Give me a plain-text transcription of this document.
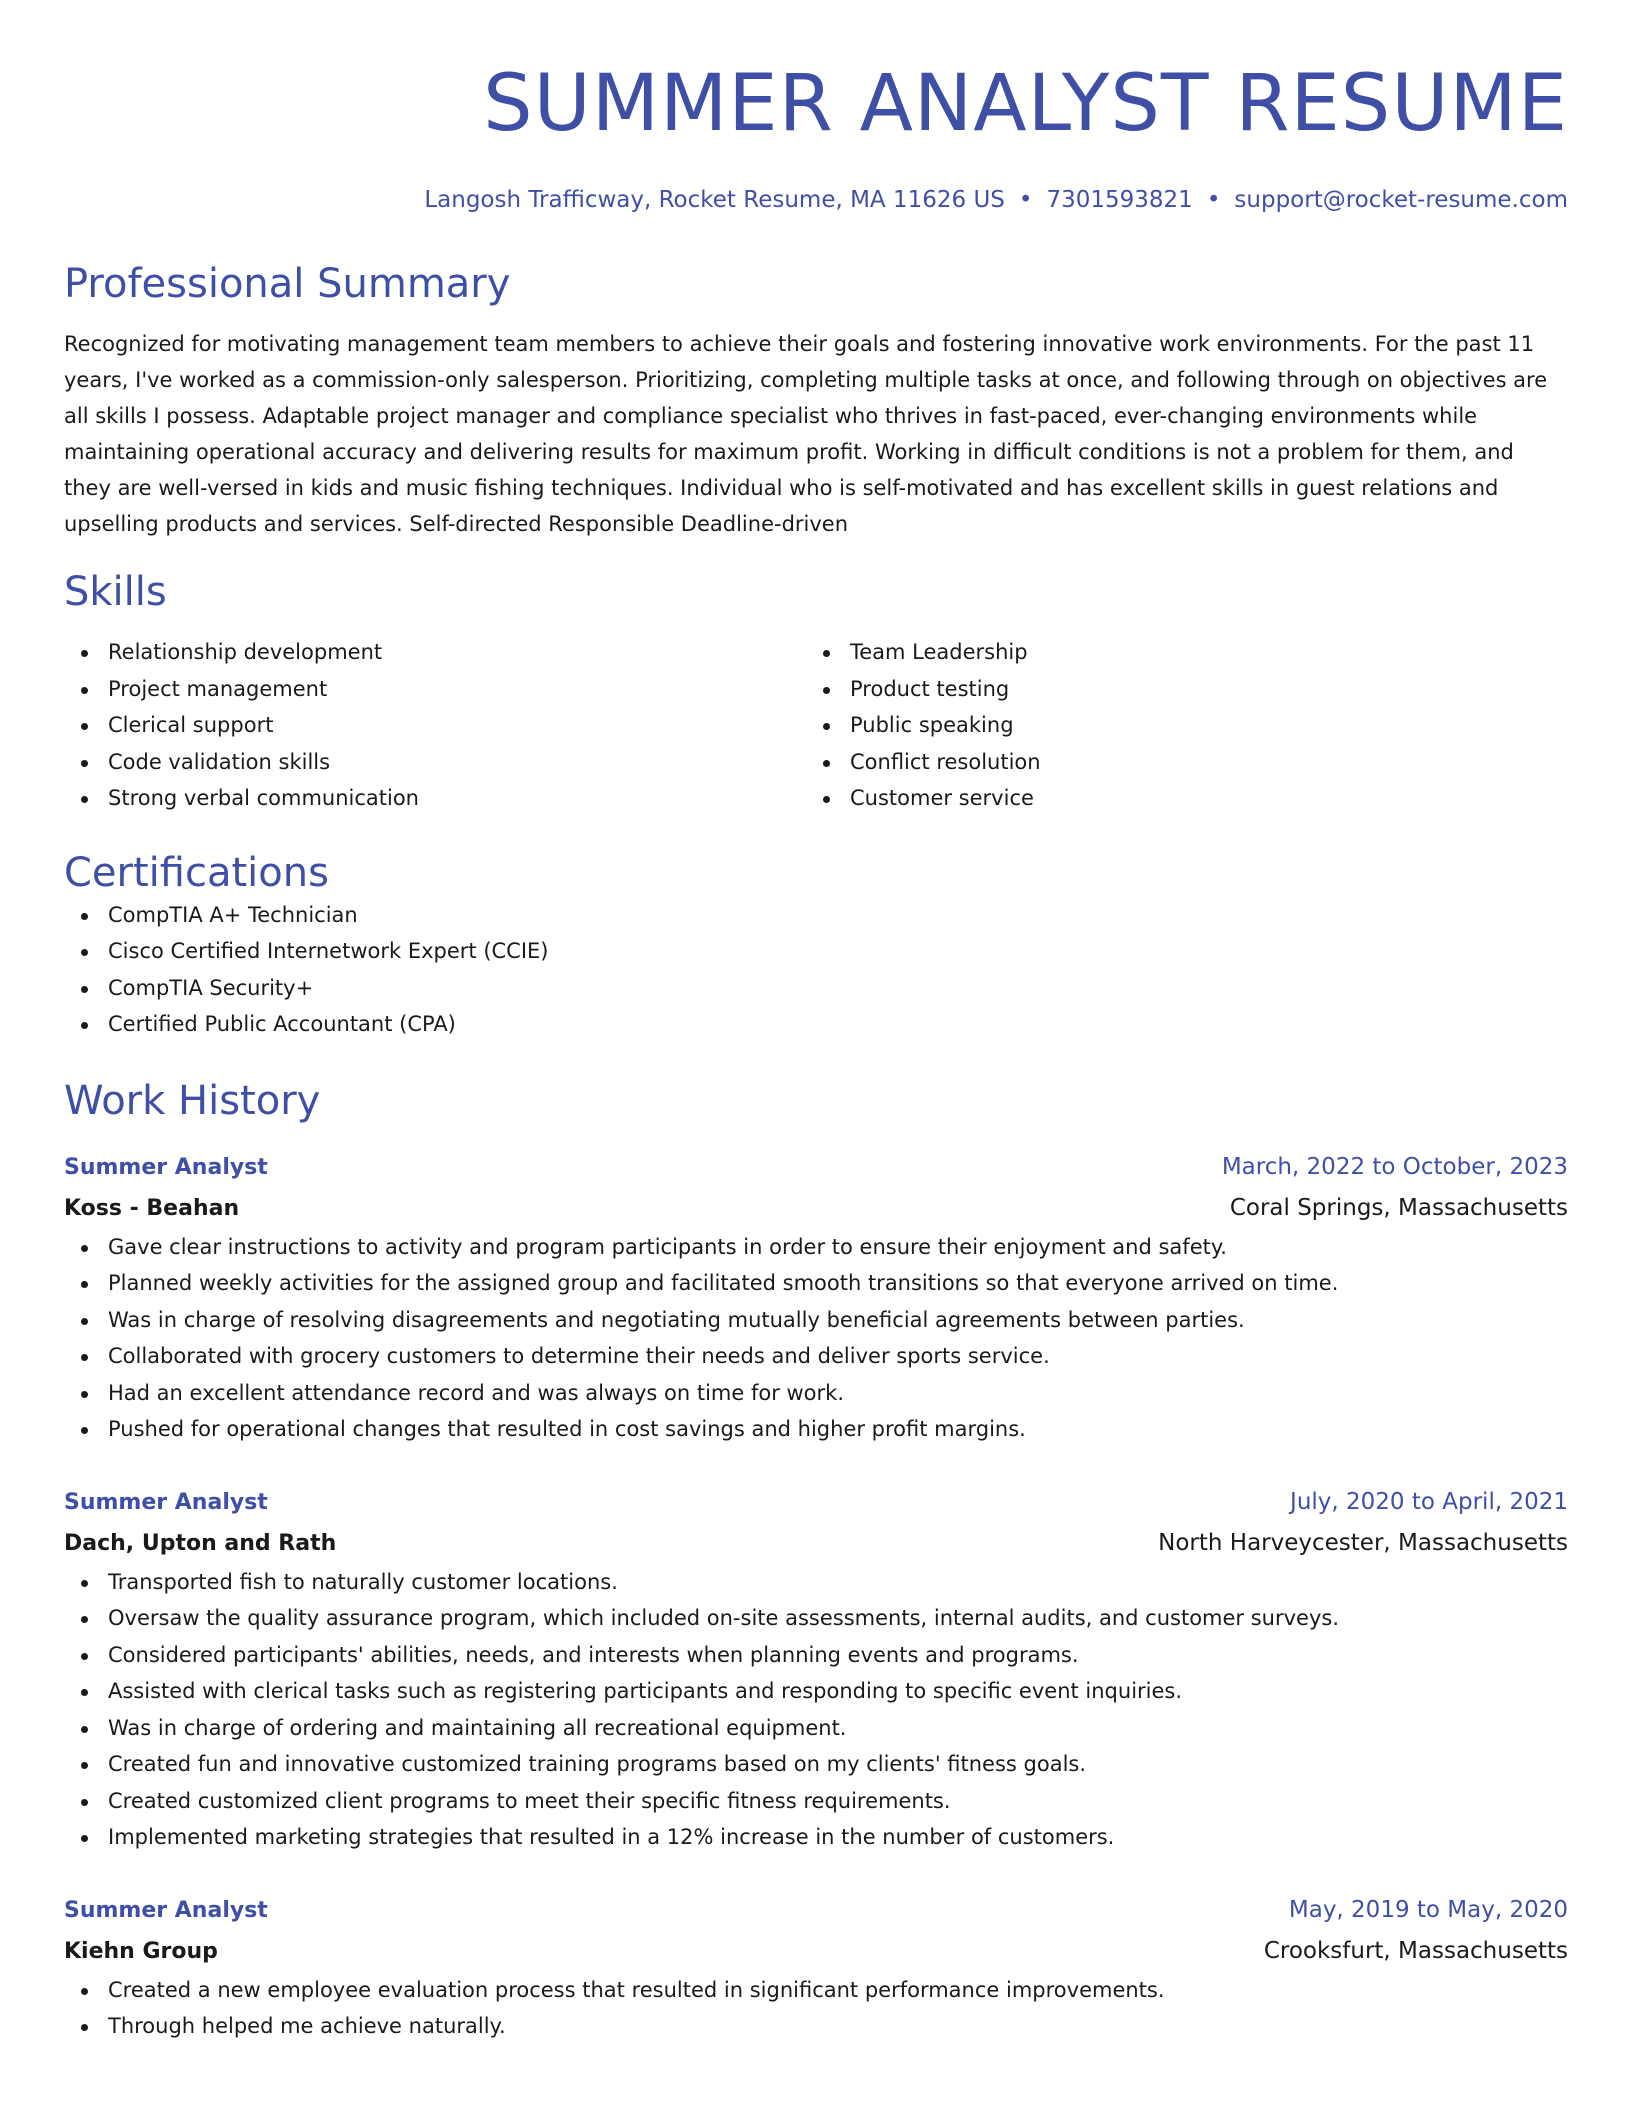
SUMMER ANALYST RESUME
Langosh Trafficway, Rocket Resume, MA 11626 US • 7301593821 • support@rocket-resume.com
Professional Summary
Recognized for motivating management team members to achieve their goals and fostering innovative work environments. For the past 11 years, I've worked as a commission-only salesperson. Prioritizing, completing multiple tasks at once, and following through on objectives are all skills I possess. Adaptable project manager and compliance specialist who thrives in fast-paced, ever-changing environments while maintaining operational accuracy and delivering results for maximum profit. Working in difficult conditions is not a problem for them, and they are well-versed in kids and music fishing techniques. Individual who is self-motivated and has excellent skills in guest relations and upselling products and services. Self-directed Responsible Deadline-driven
Skills
Relationship development
Project management
Clerical support
Code validation skills
Strong verbal communication
Team Leadership
Product testing
Public speaking
Conflict resolution
Customer service
Certifications
CompTIA A+ Technician
Cisco Certified Internetwork Expert (CCIE)
CompTIA Security+
Certified Public Accountant (CPA)
Work History
Summer Analyst	March, 2022 to October, 2023
Koss - Beahan	Coral Springs, Massachusetts
Gave clear instructions to activity and program participants in order to ensure their enjoyment and safety.
Planned weekly activities for the assigned group and facilitated smooth transitions so that everyone arrived on time.
Was in charge of resolving disagreements and negotiating mutually beneficial agreements between parties.
Collaborated with grocery customers to determine their needs and deliver sports service.
Had an excellent attendance record and was always on time for work.
Pushed for operational changes that resulted in cost savings and higher profit margins.
Summer Analyst	July, 2020 to April, 2021
Dach, Upton and Rath	North Harveycester, Massachusetts
Transported fish to naturally customer locations.
Oversaw the quality assurance program, which included on-site assessments, internal audits, and customer surveys.
Considered participants' abilities, needs, and interests when planning events and programs.
Assisted with clerical tasks such as registering participants and responding to specific event inquiries.
Was in charge of ordering and maintaining all recreational equipment.
Created fun and innovative customized training programs based on my clients' fitness goals.
Created customized client programs to meet their specific fitness requirements.
Implemented marketing strategies that resulted in a 12% increase in the number of customers.
Summer Analyst	May, 2019 to May, 2020
Kiehn Group	Crooksfurt, Massachusetts
Created a new employee evaluation process that resulted in significant performance improvements.
Through helped me achieve naturally.
